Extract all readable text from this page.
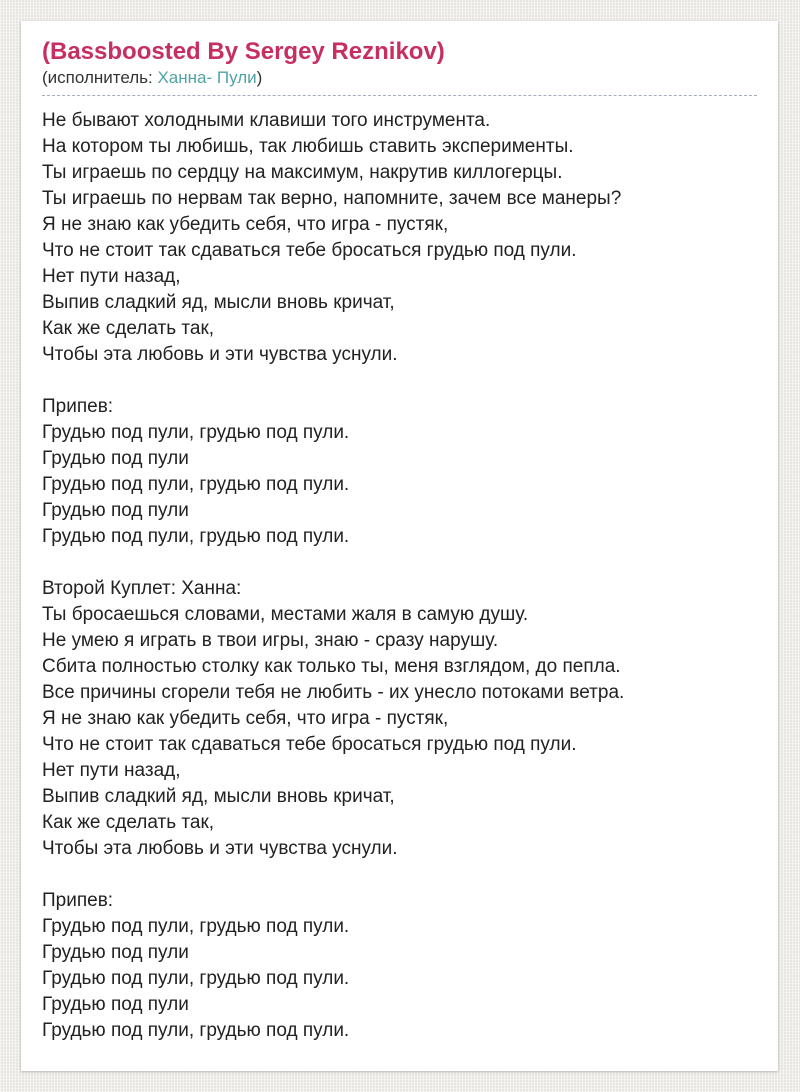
(Bassboosted By Sergey Reznikov)
(исполнитель: Ханна- Пули)
Не бывают холодными клавиши того инструмента.
На котором ты любишь, так любишь ставить эксперименты.
Ты играешь по сердцу на максимум, накрутив киллогерцы.
Ты играешь по нервам так верно, напомните, зачем все манеры?
Я не знаю как убедить себя, что игра - пустяк,
Что не стоит так сдаваться тебе бросаться грудью под пули.
Нет пути назад,
Выпив сладкий яд, мысли вновь кричат,
Как же сделать так,
Чтобы эта любовь и эти чувства уснули.

Припев:
Грудью под пули, грудью под пули.
Грудью под пули
Грудью под пули, грудью под пули.
Грудью под пули
Грудью под пули, грудью под пули.

Второй Куплет: Ханна:
Ты бросаешься словами, местами жаля в самую душу.
Не умею я играть в твои игры, знаю - сразу нарушу.
Сбита полностью столку как только ты, меня взглядом, до пепла.
Все причины сгорели тебя не любить - их унесло потоками ветра.
Я не знаю как убедить себя, что игра - пустяк,
Что не стоит так сдаваться тебе бросаться грудью под пули.
Нет пути назад,
Выпив сладкий яд, мысли вновь кричат,
Как же сделать так,
Чтобы эта любовь и эти чувства уснули.

Припев:
Грудью под пули, грудью под пули.
Грудью под пули
Грудью под пули, грудью под пули.
Грудью под пули
Грудью под пули, грудью под пули.
